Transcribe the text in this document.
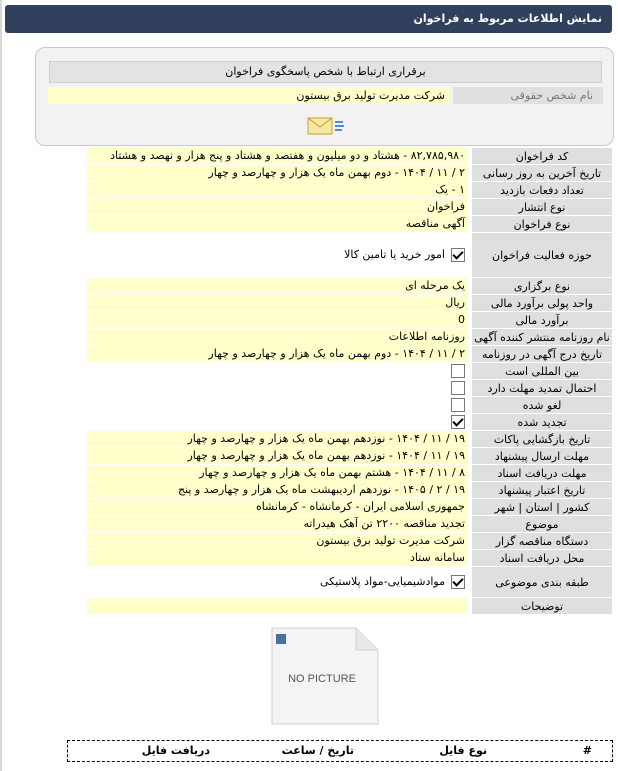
نمایش اطلاعات مربوط به فراخوان
برقراری ارتباط با شخص پاسخگوی فراخوان
نام شخص حقوقی
شرکت مدیرت تولید برق بیستون
کد فراخوان
۸۲,۷۸۵,۹۸۰ - هشتاد و دو میلیون و هفتصد و هشتاد و پنج هزار و نهصد و هشتاد
تاریخ آخرین به روز رسانی
۲ / ۱۱ / ۱۴۰۴ - دوم بهمن ماه یک هزار و چهارصد و چهار
تعداد دفعات بازدید
۱ - یک
نوع انتشار
فراخوان
نوع فراخوان
آگهی مناقصه
حوزه فعالیت فراخوان
امور خرید یا تامین کالا
نوع برگزاری
یک مرحله ای
واحد پولی برآورد مالی
ریال
برآورد مالی
0
نام روزنامه منتشر کننده آگهی
روزنامه اطلاعات
تاریخ درج آگهی در روزنامه
۲ / ۱۱ / ۱۴۰۴ - دوم بهمن ماه یک هزار و چهارصد و چهار
بین المللی است
احتمال تمدید مهلت دارد
لغو شده
تجدید شده
تاریخ بازگشایی پاکات
۱۹ / ۱۱ / ۱۴۰۴ - نوزدهم بهمن ماه یک هزار و چهارصد و چهار
مهلت ارسال پیشنهاد
۱۹ / ۱۱ / ۱۴۰۴ - نوزدهم بهمن ماه یک هزار و چهارصد و چهار
مهلت دریافت اسناد
۸ / ۱۱ / ۱۴۰۴ - هشتم بهمن ماه یک هزار و چهارصد و چهار
تاریخ اعتبار پیشنهاد
۱۹ / ۲ / ۱۴۰۵ - نوزدهم اردیبهشت ماه یک هزار و چهارصد و پنج
کشور | استان | شهر
جمهوری اسلامی ایران - کرمانشاه - کرمانشاه
موضوع
تجدید مناقصه ۲۲۰۰ تن آهک هیدراته
دستگاه مناقصه گزار
شرکت مدیرت تولید برق بیستون
محل دریافت اسناد
سامانه ستاد
طبقه بندی موضوعی
موادشیمیایی-مواد پلاستیکی
توضیحات
NO PICTURE
#
نوع فایل
تاریخ / ساعت
دریافت فایل
